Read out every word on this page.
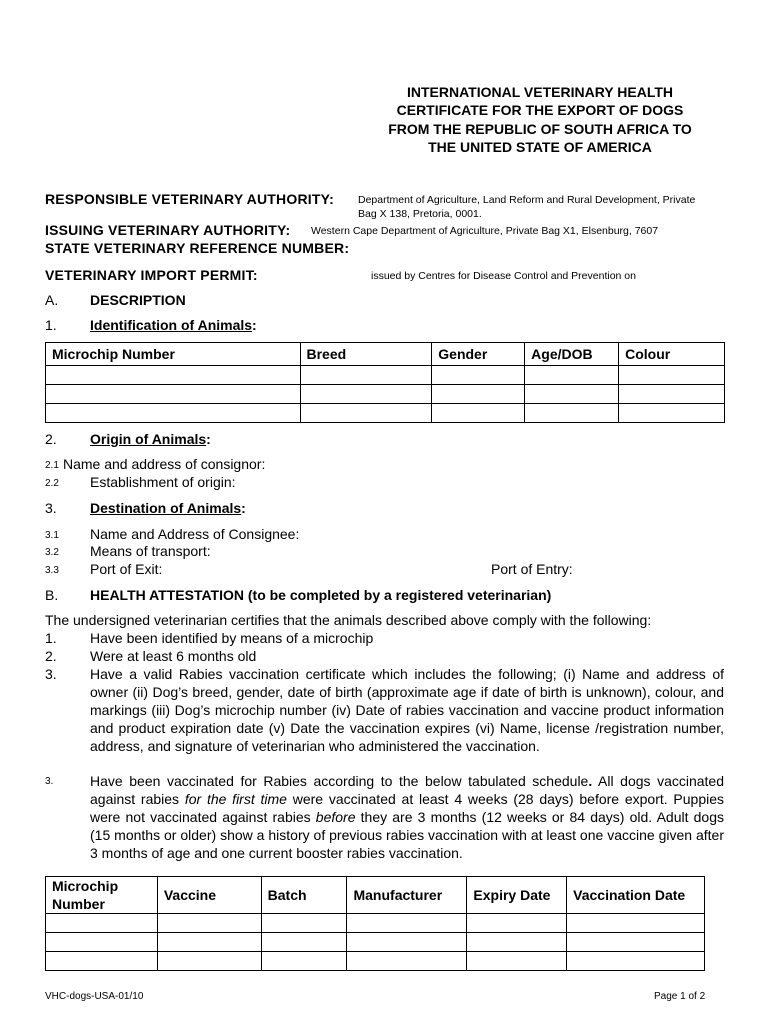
INTERNATIONAL VETERINARY HEALTH
CERTIFICATE FOR THE EXPORT OF DOGS
FROM THE REPUBLIC OF SOUTH AFRICA TO
THE UNITED STATE OF AMERICA
RESPONSIBLE VETERINARY AUTHORITY: Department of Agriculture, Land Reform and Rural Development, Private
Bag X 138, Pretoria, 0001.
ISSUING VETERINARY AUTHORITY: Western Cape Department of Agriculture, Private Bag X1, Elsenburg, 7607
STATE VETERINARY REFERENCE NUMBER:
VETERINARY IMPORT PERMIT:	issued by Centres for Disease Control and Prevention on
A. DESCRIPTION
1. Identification of Animals:
Microchip Number	Breed	Gender	Age/DOB	Colour

2. Origin of Animals:
2.1 Name and address of consignor:
2.2 Establishment of origin:
3. Destination of Animals:
3.1 Name and Address of Consignee:
3.2 Means of transport:
3.3 Port of Exit:	Port of Entry:
B. HEALTH ATTESTATION (to be completed by a registered veterinarian)
The undersigned veterinarian certifies that the animals described above comply with the following:
1. Have been identified by means of a microchip
2. Were at least 6 months old
3. Have a valid Rabies vaccination certificate which includes the following; (i) Name and address of owner (ii) Dog’s breed, gender, date of birth (approximate age if date of birth is unknown), colour, and markings (iii) Dog’s microchip number (iv) Date of rabies vaccination and vaccine product information and product expiration date (v) Date the vaccination expires (vi) Name, license /registration number, address, and signature of veterinarian who administered the vaccination.
3.	Have been vaccinated for Rabies according to the below tabulated schedule. All dogs vaccinated against rabies for the first time were vaccinated at least 4 weeks (28 days) before export. Puppies were not vaccinated against rabies before they are 3 months (12 weeks or 84 days) old. Adult dogs (15 months or older) show a history of previous rabies vaccination with at least one vaccine given after 3 months of age and one current booster rabies vaccination.
Microchip Number	Vaccine	Batch	Manufacturer	Expiry Date	Vaccination Date

VHC-dogs-USA-01/10	Page 1 of 2
